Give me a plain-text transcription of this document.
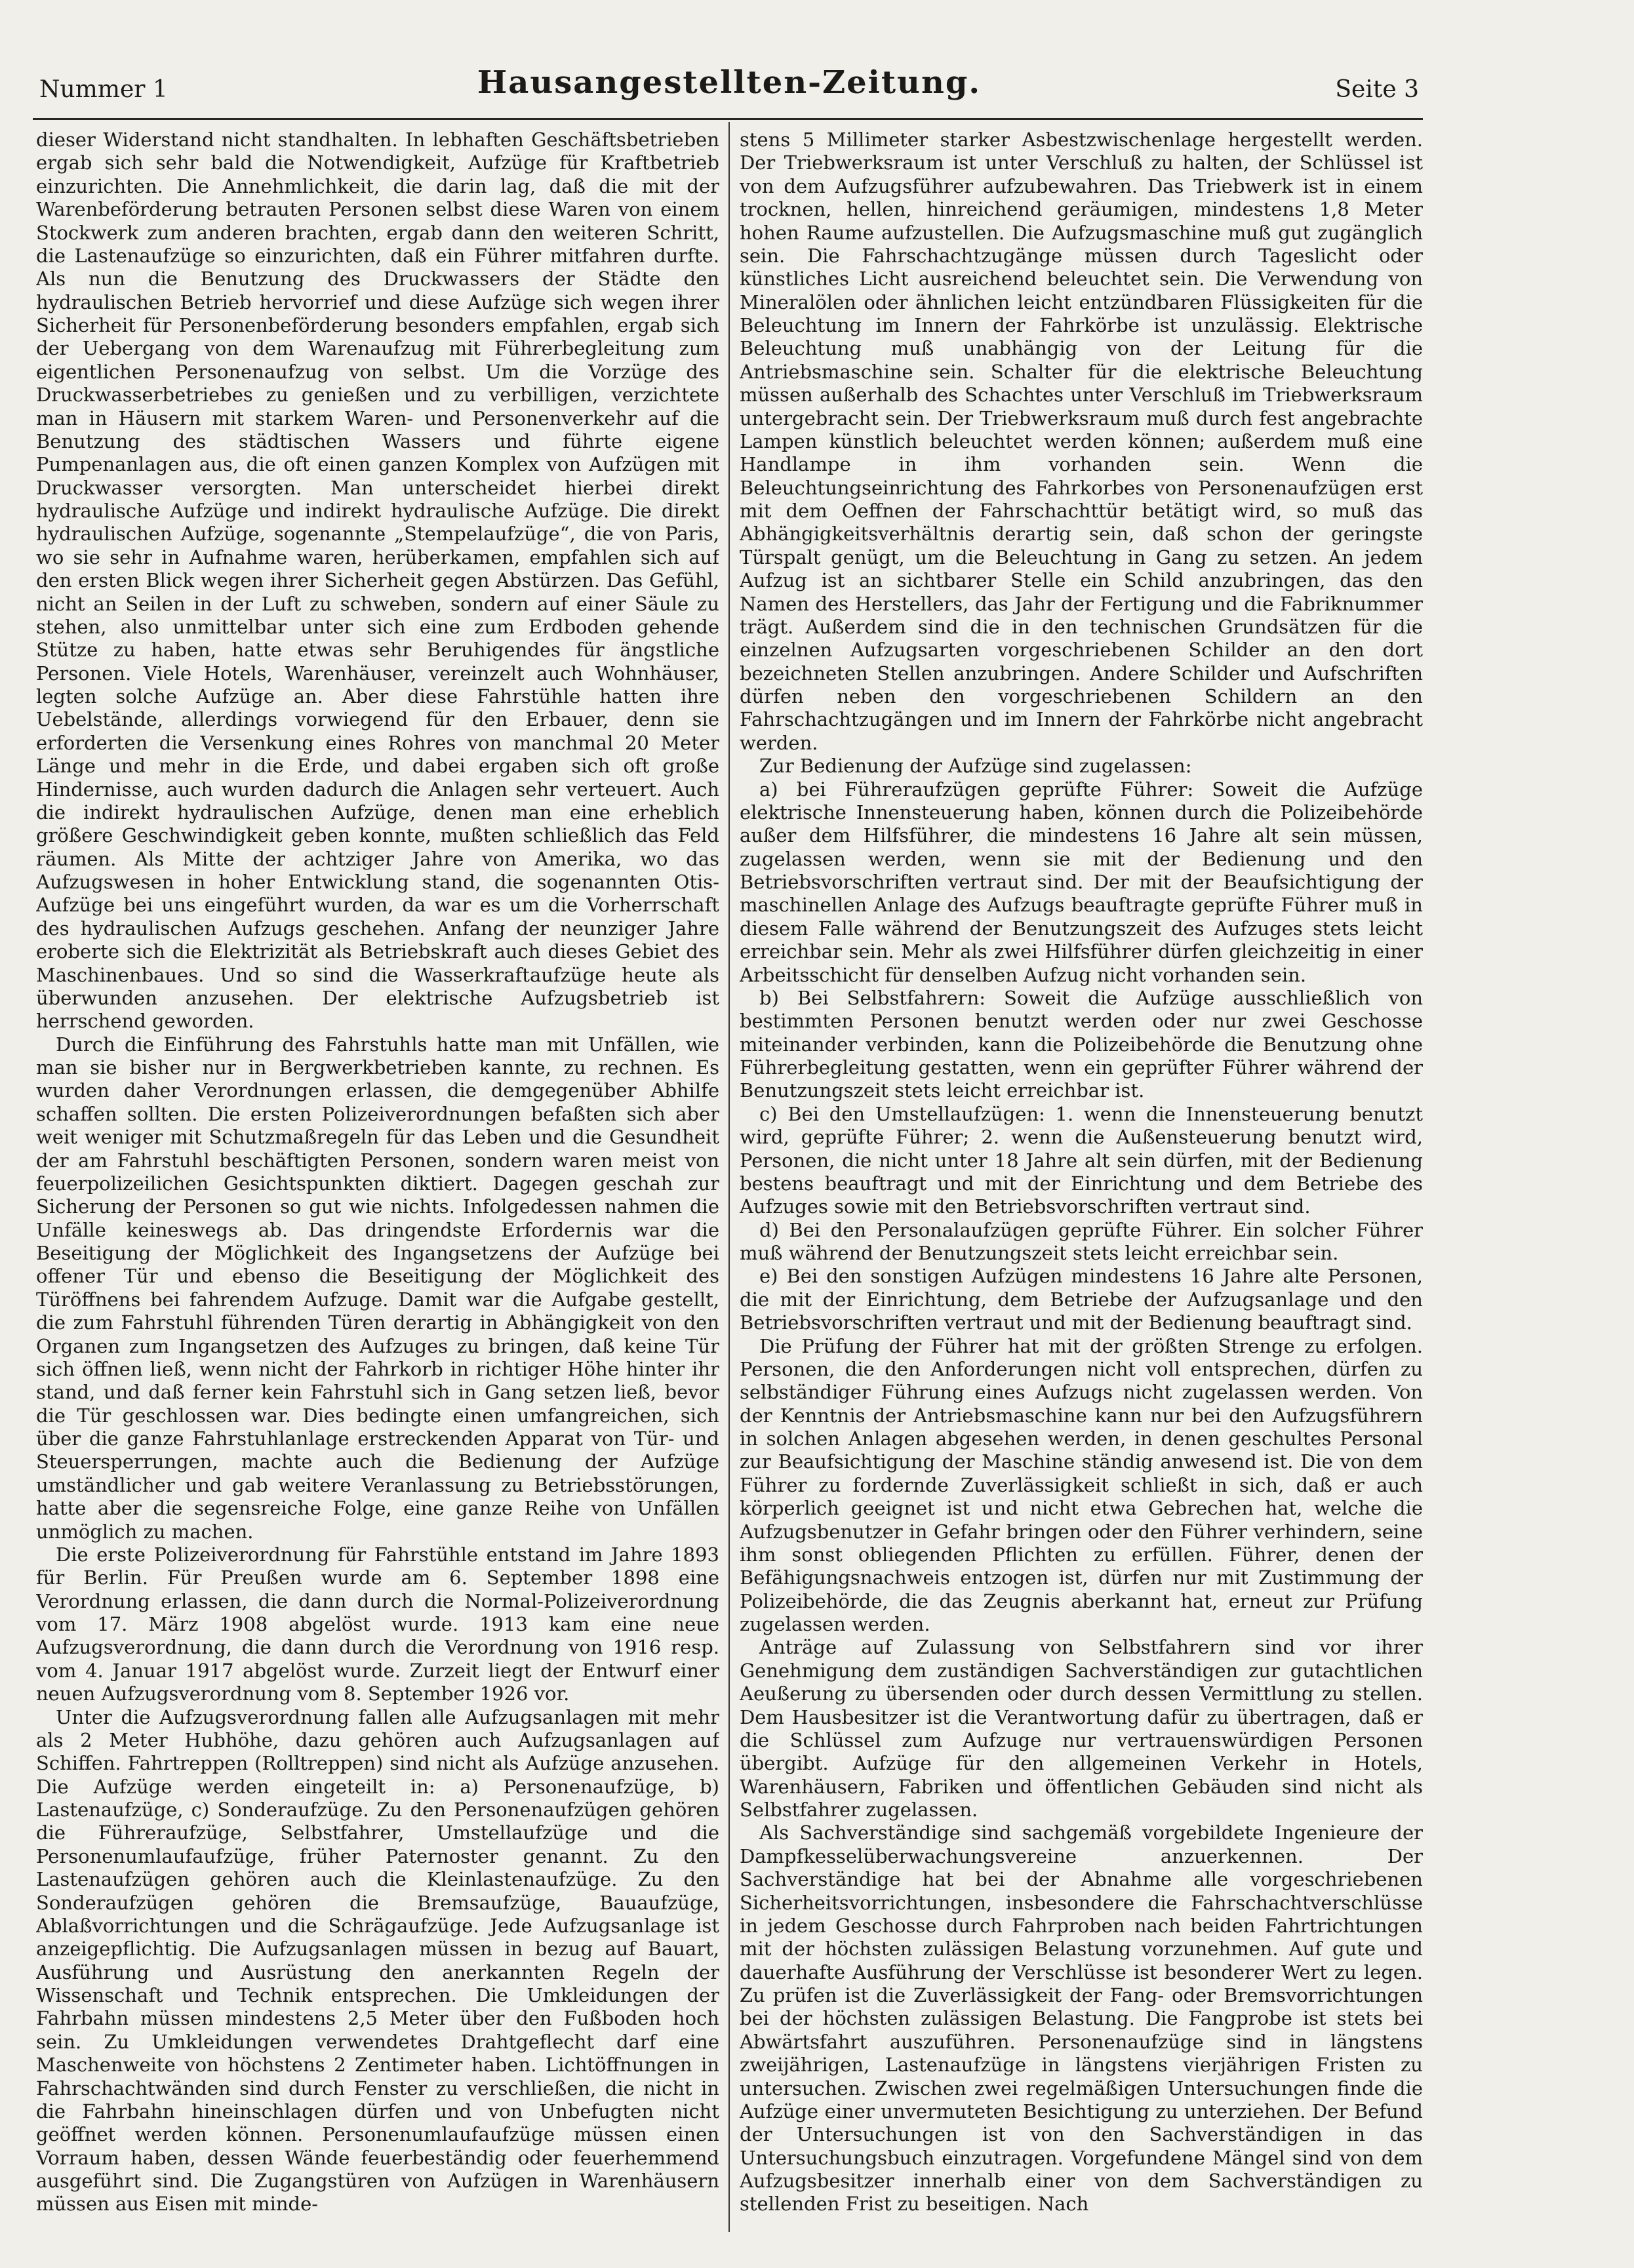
Nummer 1	Hausangestellten-Zeitung.	Seite 3

dieser Widerstand nicht standhalten. In lebhaften Geschäftsbetrieben ergab sich sehr bald die Notwendigkeit, Aufzüge für Kraftbetrieb einzurichten. Die Annehmlichkeit, die darin lag, daß die mit der Warenbeförderung betrauten Personen selbst diese Waren von einem Stockwerk zum anderen brachten, ergab dann den weiteren Schritt, die Lastenaufzüge so einzurichten, daß ein Führer mitfahren durfte. Als nun die Benutzung des Druckwassers der Städte den hydraulischen Betrieb hervorrief und diese Aufzüge sich wegen ihrer Sicherheit für Personenbeförderung besonders empfahlen, ergab sich der Uebergang von dem Warenaufzug mit Führerbegleitung zum eigentlichen Personenaufzug von selbst. Um die Vorzüge des Druckwasserbetriebes zu genießen und zu verbilligen, verzichtete man in Häusern mit starkem Waren- und Personenverkehr auf die Benutzung des städtischen Wassers und führte eigene Pumpenanlagen aus, die oft einen ganzen Komplex von Aufzügen mit Druckwasser versorgten. Man unterscheidet hierbei direkt hydraulische Aufzüge und indirekt hydraulische Aufzüge. Die direkt hydraulischen Aufzüge, sogenannte „Stempelaufzüge“, die von Paris, wo sie sehr in Aufnahme waren, herüberkamen, empfahlen sich auf den ersten Blick wegen ihrer Sicherheit gegen Abstürzen. Das Gefühl, nicht an Seilen in der Luft zu schweben, sondern auf einer Säule zu stehen, also unmittelbar unter sich eine zum Erdboden gehende Stütze zu haben, hatte etwas sehr Beruhigendes für ängstliche Personen. Viele Hotels, Warenhäuser, vereinzelt auch Wohnhäuser, legten solche Aufzüge an. Aber diese Fahrstühle hatten ihre Uebelstände, allerdings vorwiegend für den Erbauer, denn sie erforderten die Versenkung eines Rohres von manchmal 20 Meter Länge und mehr in die Erde, und dabei ergaben sich oft große Hindernisse, auch wurden dadurch die Anlagen sehr verteuert. Auch die indirekt hydraulischen Aufzüge, denen man eine erheblich größere Geschwindigkeit geben konnte, mußten schließlich das Feld räumen. Als Mitte der achtziger Jahre von Amerika, wo das Aufzugswesen in hoher Entwicklung stand, die sogenannten Otis-Aufzüge bei uns eingeführt wurden, da war es um die Vorherrschaft des hydraulischen Aufzugs geschehen. Anfang der neunziger Jahre eroberte sich die Elektrizität als Betriebskraft auch dieses Gebiet des Maschinenbaues. Und so sind die Wasserkraftaufzüge heute als überwunden anzusehen. Der elektrische Aufzugsbetrieb ist herrschend geworden.

Durch die Einführung des Fahrstuhls hatte man mit Unfällen, wie man sie bisher nur in Bergwerkbetrieben kannte, zu rechnen. Es wurden daher Verordnungen erlassen, die demgegenüber Abhilfe schaffen sollten. Die ersten Polizeiverordnungen befaßten sich aber weit weniger mit Schutzmaßregeln für das Leben und die Gesundheit der am Fahrstuhl beschäftigten Personen, sondern waren meist von feuerpolizeilichen Gesichtspunkten diktiert. Dagegen geschah zur Sicherung der Personen so gut wie nichts. Infolgedessen nahmen die Unfälle keineswegs ab. Das dringendste Erfordernis war die Beseitigung der Möglichkeit des Ingangsetzens der Aufzüge bei offener Tür und ebenso die Beseitigung der Möglichkeit des Türöffnens bei fahrendem Aufzuge. Damit war die Aufgabe gestellt, die zum Fahrstuhl führenden Türen derartig in Abhängigkeit von den Organen zum Ingangsetzen des Aufzuges zu bringen, daß keine Tür sich öffnen ließ, wenn nicht der Fahrkorb in richtiger Höhe hinter ihr stand, und daß ferner kein Fahrstuhl sich in Gang setzen ließ, bevor die Tür geschlossen war. Dies bedingte einen umfangreichen, sich über die ganze Fahrstuhlanlage erstreckenden Apparat von Tür- und Steuersperrungen, machte auch die Bedienung der Aufzüge umständlicher und gab weitere Veranlassung zu Betriebsstörungen, hatte aber die segensreiche Folge, eine ganze Reihe von Unfällen unmöglich zu machen.

Die erste Polizeiverordnung für Fahrstühle entstand im Jahre 1893 für Berlin. Für Preußen wurde am 6. September 1898 eine Verordnung erlassen, die dann durch die Normal-Polizeiverordnung vom 17. März 1908 abgelöst wurde. 1913 kam eine neue Aufzugsverordnung, die dann durch die Verordnung von 1916 resp. vom 4. Januar 1917 abgelöst wurde. Zurzeit liegt der Entwurf einer neuen Aufzugsverordnung vom 8. September 1926 vor.

Unter die Aufzugsverordnung fallen alle Aufzugsanlagen mit mehr als 2 Meter Hubhöhe, dazu gehören auch Aufzugsanlagen auf Schiffen. Fahrtreppen (Rolltreppen) sind nicht als Aufzüge anzusehen. Die Aufzüge werden eingeteilt in: a) Personenaufzüge, b) Lastenaufzüge, c) Sonderaufzüge. Zu den Personenaufzügen gehören die Führeraufzüge, Selbstfahrer, Umstellaufzüge und die Personenumlaufaufzüge, früher Paternoster genannt. Zu den Lastenaufzügen gehören auch die Kleinlastenaufzüge. Zu den Sonderaufzügen gehören die Bremsaufzüge, Bauaufzüge, Ablaßvorrichtungen und die Schrägaufzüge. Jede Aufzugsanlage ist anzeigepflichtig. Die Aufzugsanlagen müssen in bezug auf Bauart, Ausführung und Ausrüstung den anerkannten Regeln der Wissenschaft und Technik entsprechen. Die Umkleidungen der Fahrbahn müssen mindestens 2,5 Meter über den Fußboden hoch sein. Zu Umkleidungen verwendetes Drahtgeflecht darf eine Maschenweite von höchstens 2 Zentimeter haben. Lichtöffnungen in Fahrschachtwänden sind durch Fenster zu verschließen, die nicht in die Fahrbahn hineinschlagen dürfen und von Unbefugten nicht geöffnet werden können. Personenumlaufaufzüge müssen einen Vorraum haben, dessen Wände feuerbeständig oder feuerhemmend ausgeführt sind. Die Zugangstüren von Aufzügen in Warenhäusern müssen aus Eisen mit minde-

stens 5 Millimeter starker Asbestzwischenlage hergestellt werden. Der Triebwerksraum ist unter Verschluß zu halten, der Schlüssel ist von dem Aufzugsführer aufzubewahren. Das Triebwerk ist in einem trocknen, hellen, hinreichend geräumigen, mindestens 1,8 Meter hohen Raume aufzustellen. Die Aufzugsmaschine muß gut zugänglich sein. Die Fahrschachtzugänge müssen durch Tageslicht oder künstliches Licht ausreichend beleuchtet sein. Die Verwendung von Mineralölen oder ähnlichen leicht entzündbaren Flüssigkeiten für die Beleuchtung im Innern der Fahrkörbe ist unzulässig. Elektrische Beleuchtung muß unabhängig von der Leitung für die Antriebsmaschine sein. Schalter für die elektrische Beleuchtung müssen außerhalb des Schachtes unter Verschluß im Triebwerksraum untergebracht sein. Der Triebwerksraum muß durch fest angebrachte Lampen künstlich beleuchtet werden können; außerdem muß eine Handlampe in ihm vorhanden sein. Wenn die Beleuchtungseinrichtung des Fahrkorbes von Personenaufzügen erst mit dem Oeffnen der Fahrschachttür betätigt wird, so muß das Abhängigkeitsverhältnis derartig sein, daß schon der geringste Türspalt genügt, um die Beleuchtung in Gang zu setzen. An jedem Aufzug ist an sichtbarer Stelle ein Schild anzubringen, das den Namen des Herstellers, das Jahr der Fertigung und die Fabriknummer trägt. Außerdem sind die in den technischen Grundsätzen für die einzelnen Aufzugsarten vorgeschriebenen Schilder an den dort bezeichneten Stellen anzubringen. Andere Schilder und Aufschriften dürfen neben den vorgeschriebenen Schildern an den Fahrschachtzugängen und im Innern der Fahrkörbe nicht angebracht werden.

Zur Bedienung der Aufzüge sind zugelassen:

a) bei Führeraufzügen geprüfte Führer: Soweit die Aufzüge elektrische Innensteuerung haben, können durch die Polizeibehörde außer dem Hilfsführer, die mindestens 16 Jahre alt sein müssen, zugelassen werden, wenn sie mit der Bedienung und den Betriebsvorschriften vertraut sind. Der mit der Beaufsichtigung der maschinellen Anlage des Aufzugs beauftragte geprüfte Führer muß in diesem Falle während der Benutzungszeit des Aufzuges stets leicht erreichbar sein. Mehr als zwei Hilfsführer dürfen gleichzeitig in einer Arbeitsschicht für denselben Aufzug nicht vorhanden sein.

b) Bei Selbstfahrern: Soweit die Aufzüge ausschließlich von bestimmten Personen benutzt werden oder nur zwei Geschosse miteinander verbinden, kann die Polizeibehörde die Benutzung ohne Führerbegleitung gestatten, wenn ein geprüfter Führer während der Benutzungszeit stets leicht erreichbar ist.

c) Bei den Umstellaufzügen: 1. wenn die Innensteuerung benutzt wird, geprüfte Führer; 2. wenn die Außensteuerung benutzt wird, Personen, die nicht unter 18 Jahre alt sein dürfen, mit der Bedienung bestens beauftragt und mit der Einrichtung und dem Betriebe des Aufzuges sowie mit den Betriebsvorschriften vertraut sind.

d) Bei den Personalaufzügen geprüfte Führer. Ein solcher Führer muß während der Benutzungszeit stets leicht erreichbar sein.

e) Bei den sonstigen Aufzügen mindestens 16 Jahre alte Personen, die mit der Einrichtung, dem Betriebe der Aufzugsanlage und den Betriebsvorschriften vertraut und mit der Bedienung beauftragt sind.

Die Prüfung der Führer hat mit der größten Strenge zu erfolgen. Personen, die den Anforderungen nicht voll entsprechen, dürfen zu selbständiger Führung eines Aufzugs nicht zugelassen werden. Von der Kenntnis der Antriebsmaschine kann nur bei den Aufzugsführern in solchen Anlagen abgesehen werden, in denen geschultes Personal zur Beaufsichtigung der Maschine ständig anwesend ist. Die von dem Führer zu fordernde Zuverlässigkeit schließt in sich, daß er auch körperlich geeignet ist und nicht etwa Gebrechen hat, welche die Aufzugsbenutzer in Gefahr bringen oder den Führer verhindern, seine ihm sonst obliegenden Pflichten zu erfüllen. Führer, denen der Befähigungsnachweis entzogen ist, dürfen nur mit Zustimmung der Polizeibehörde, die das Zeugnis aberkannt hat, erneut zur Prüfung zugelassen werden.

Anträge auf Zulassung von Selbstfahrern sind vor ihrer Genehmigung dem zuständigen Sachverständigen zur gutachtlichen Aeußerung zu übersenden oder durch dessen Vermittlung zu stellen. Dem Hausbesitzer ist die Verantwortung dafür zu übertragen, daß er die Schlüssel zum Aufzuge nur vertrauenswürdigen Personen übergibt. Aufzüge für den allgemeinen Verkehr in Hotels, Warenhäusern, Fabriken und öffentlichen Gebäuden sind nicht als Selbstfahrer zugelassen.

Als Sachverständige sind sachgemäß vorgebildete Ingenieure der Dampfkesselüberwachungsvereine anzuerkennen. Der Sachverständige hat bei der Abnahme alle vorgeschriebenen Sicherheitsvorrichtungen, insbesondere die Fahrschachtverschlüsse in jedem Geschosse durch Fahrproben nach beiden Fahrtrichtungen mit der höchsten zulässigen Belastung vorzunehmen. Auf gute und dauerhafte Ausführung der Verschlüsse ist besonderer Wert zu legen. Zu prüfen ist die Zuverlässigkeit der Fang- oder Bremsvorrichtungen bei der höchsten zulässigen Belastung. Die Fangprobe ist stets bei Abwärtsfahrt auszuführen. Personenaufzüge sind in längstens zweijährigen, Lastenaufzüge in längstens vierjährigen Fristen zu untersuchen. Zwischen zwei regelmäßigen Untersuchungen finde die Aufzüge einer unvermuteten Besichtigung zu unterziehen. Der Befund der Untersuchungen ist von den Sachverständigen in das Untersuchungsbuch einzutragen. Vorgefundene Mängel sind von dem Aufzugsbesitzer innerhalb einer von dem Sachverständigen zu stellenden Frist zu beseitigen. Nach
